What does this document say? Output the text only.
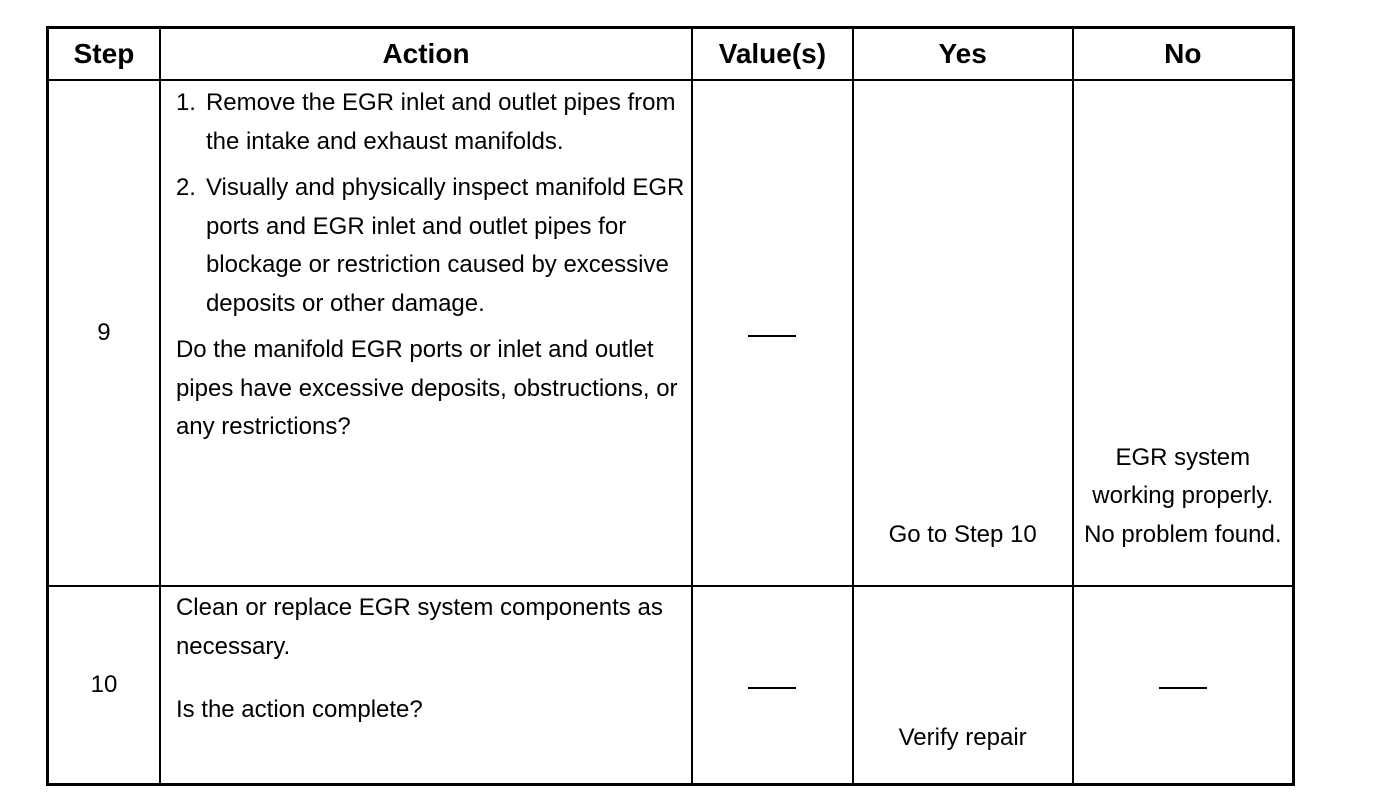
Step	Action	Value(s)	Yes	No
9	1. Remove the EGR inlet and outlet pipes from the intake and exhaust manifolds.
2. Visually and physically inspect manifold EGR ports and EGR inlet and outlet pipes for blockage or restriction caused by excessive deposits or other damage.
Do the manifold EGR ports or inlet and outlet pipes have excessive deposits, obstructions, or any restrictions?		Go to Step 10	EGR system working properly. No problem found.

10	Clean or replace EGR system components as necessary.
Is the action complete?		Verify repair	
